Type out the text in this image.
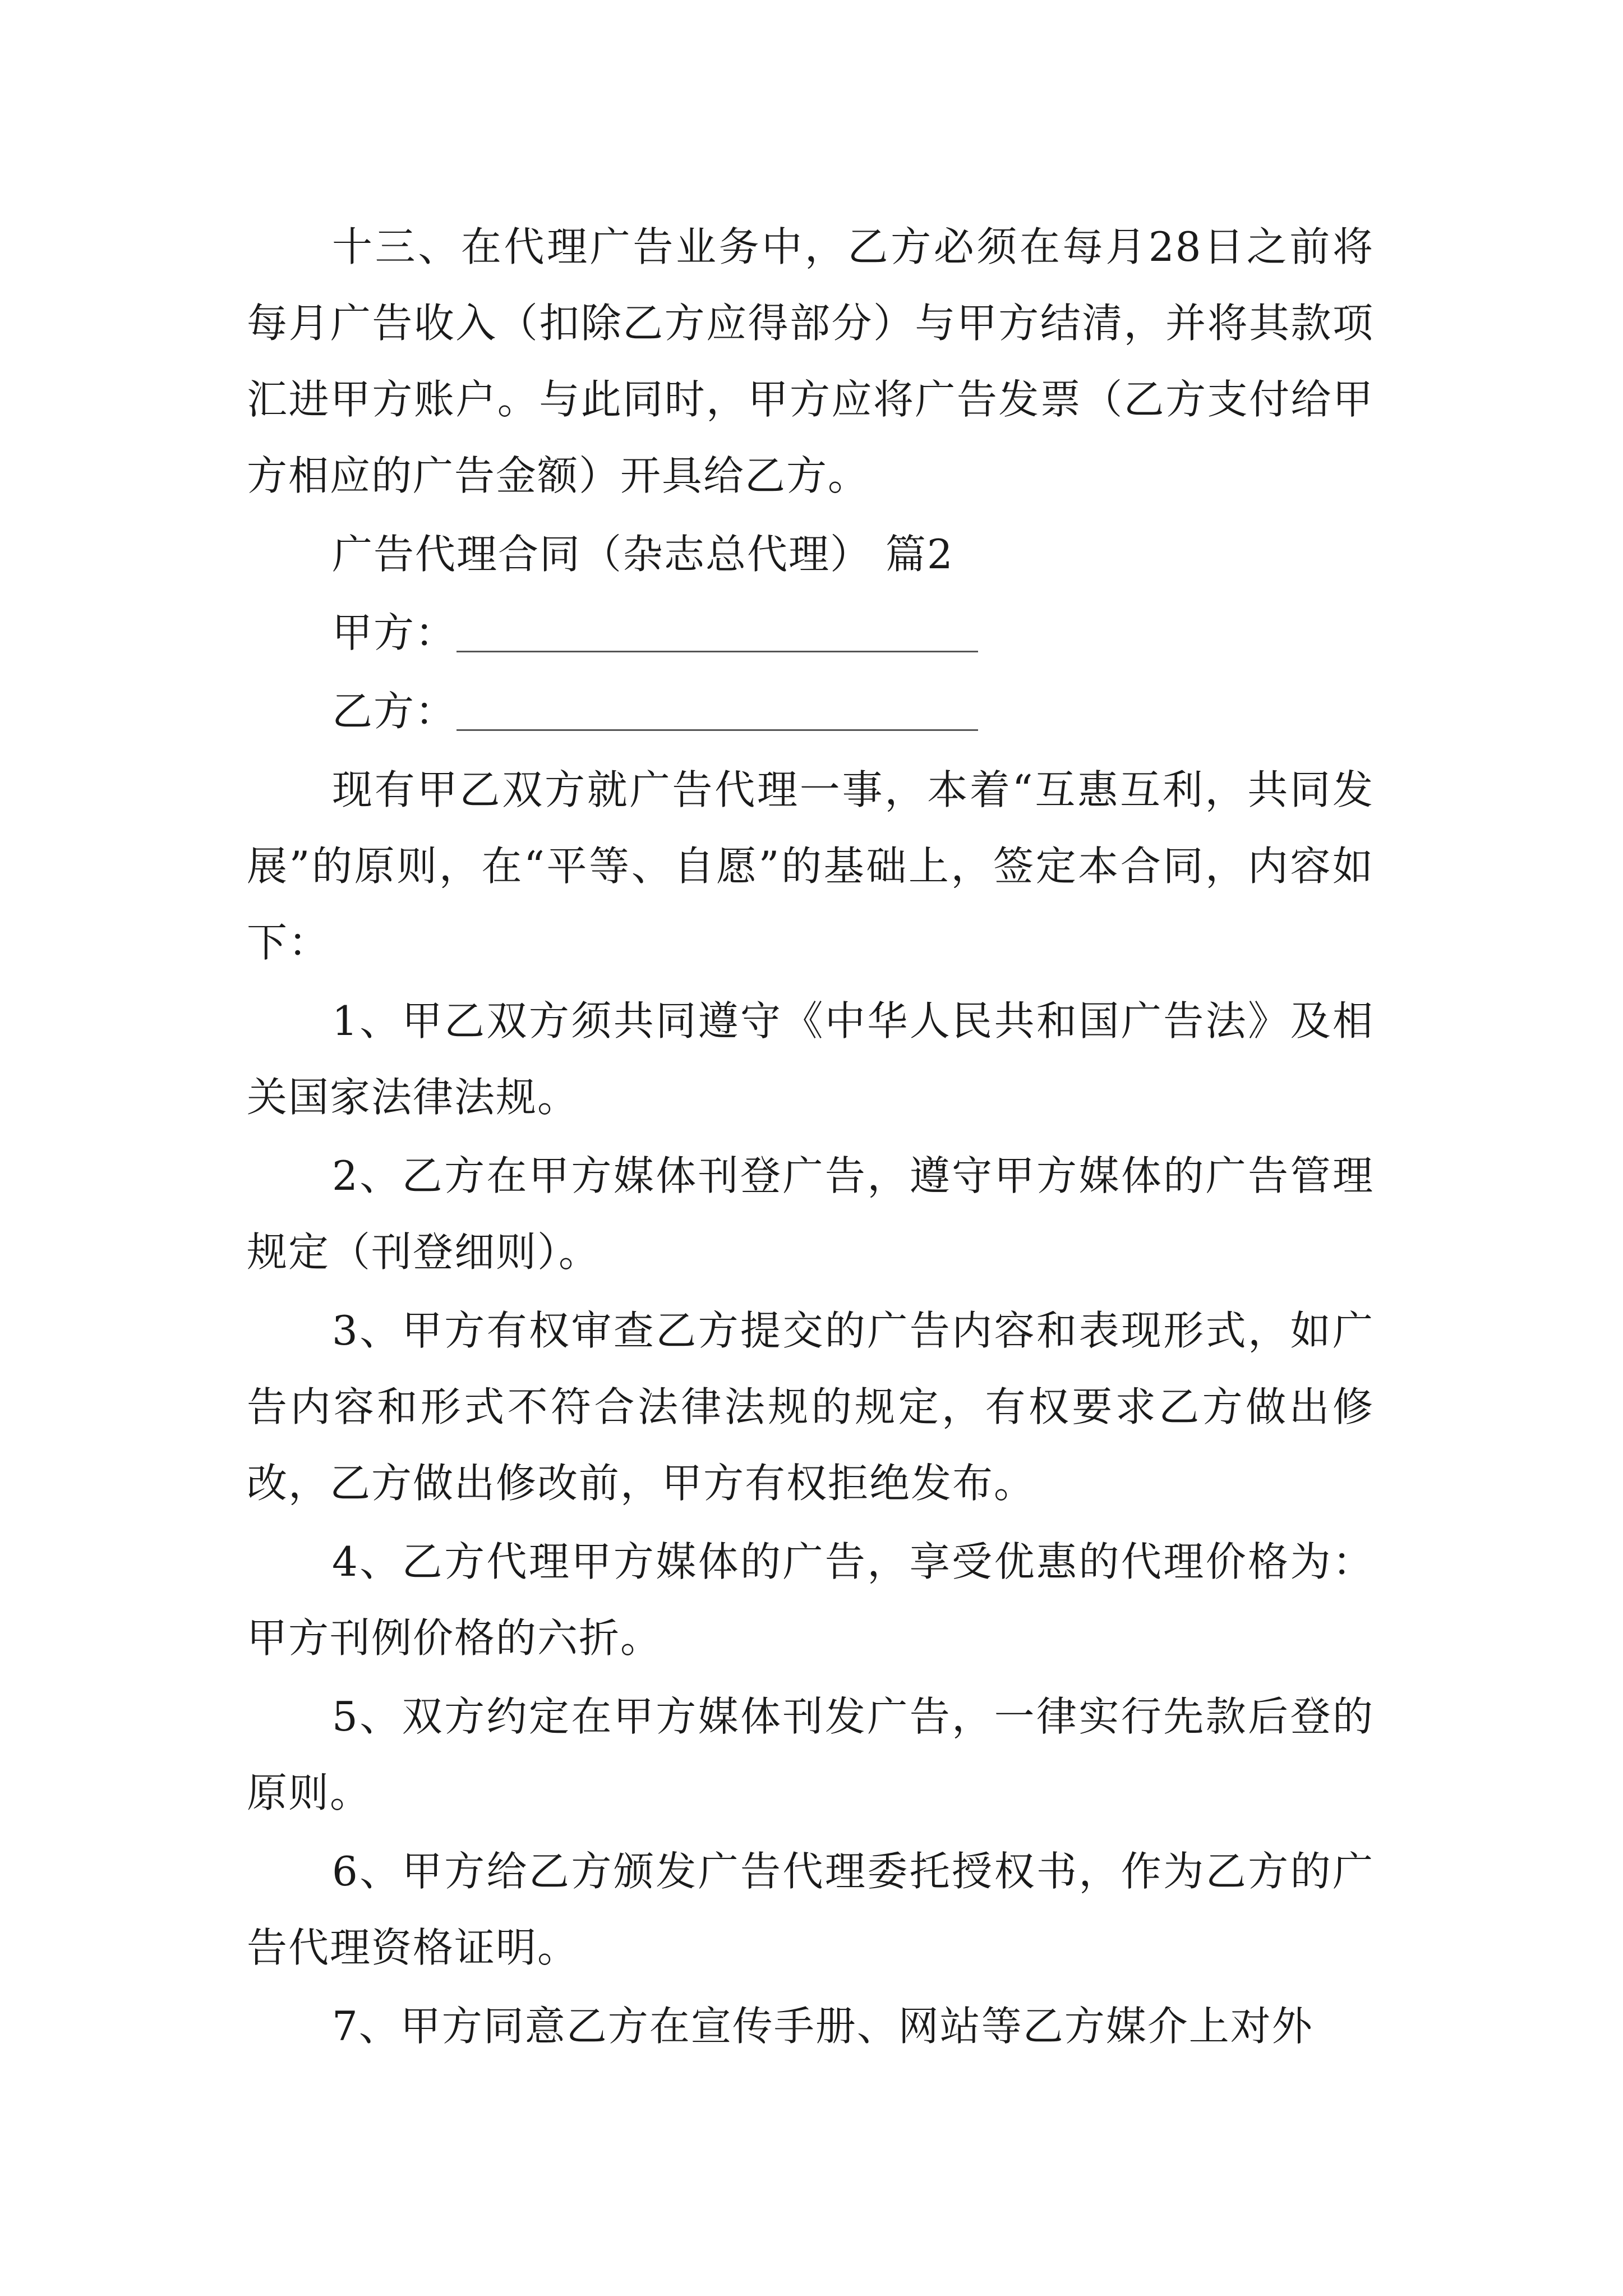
十三、在代理广告业务中，乙方必须在每月28日之前将每月广告收入（扣除乙方应得部分）与甲方结清，并将其款项汇进甲方账户。与此同时，甲方应将广告发票（乙方支付给甲方相应的广告金额）开具给乙方。

广告代理合同（杂志总代理） 篇2

甲方：
乙方：

现有甲乙双方就广告代理一事，本着“互惠互利，共同发展”的原则，在“平等、自愿”的基础上，签定本合同，内容如下：

1、甲乙双方须共同遵守《中华人民共和国广告法》及相关国家法律法规。

2、乙方在甲方媒体刊登广告，遵守甲方媒体的广告管理规定（刊登细则）。

3、甲方有权审查乙方提交的广告内容和表现形式，如广告内容和形式不符合法律法规的规定，有权要求乙方做出修改，乙方做出修改前，甲方有权拒绝发布。

4、乙方代理甲方媒体的广告，享受优惠的代理价格为：甲方刊例价格的六折。

5、双方约定在甲方媒体刊发广告，一律实行先款后登的原则。

6、甲方给乙方颁发广告代理委托授权书，作为乙方的广告代理资格证明。

7、甲方同意乙方在宣传手册、网站等乙方媒介上对外
